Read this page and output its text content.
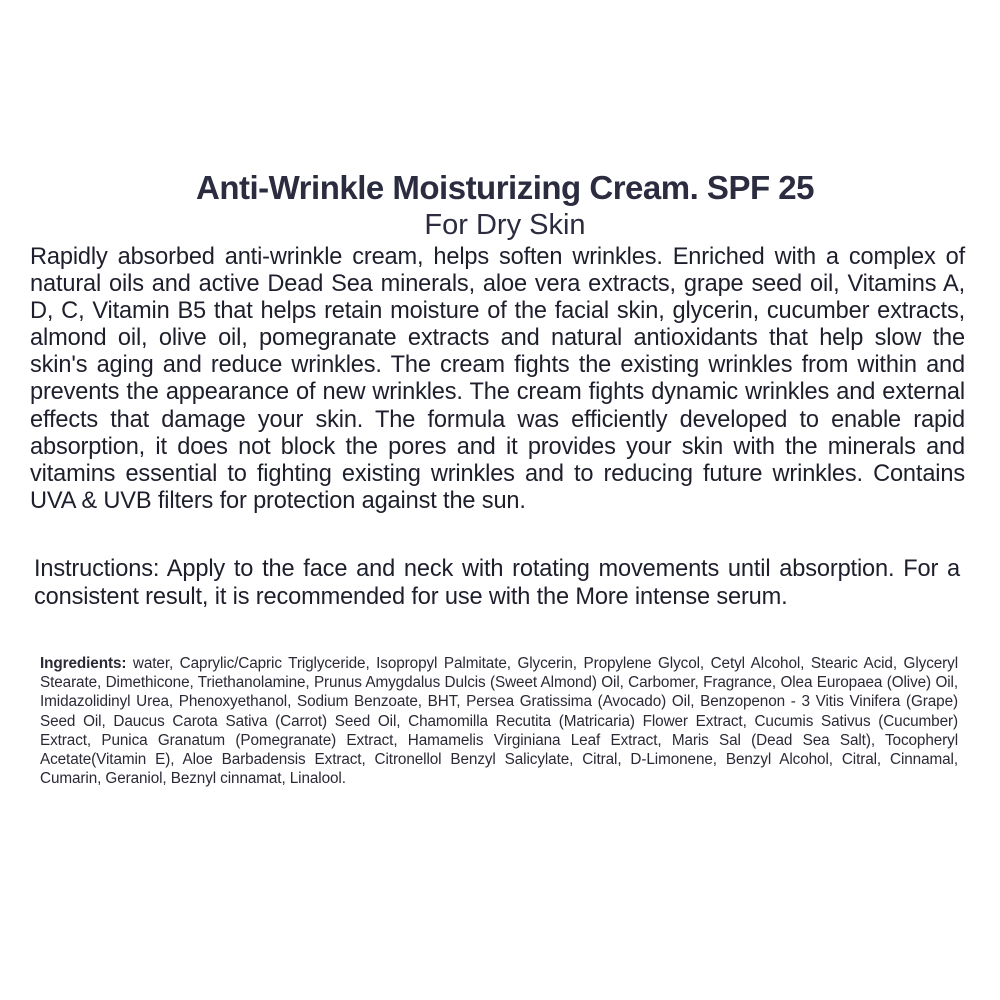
Anti-Wrinkle Moisturizing Cream. SPF 25

For Dry Skin

Rapidly absorbed anti-wrinkle cream, helps soften wrinkles. Enriched with a complex of natural oils and active Dead Sea minerals, aloe vera extracts, grape seed oil, Vitamins A, D, C, Vitamin B5 that helps retain moisture of the facial skin, glycerin, cucumber extracts, almond oil, olive oil, pomegranate extracts and natural antioxidants that help slow the skin's aging and reduce wrinkles. The cream fights the existing wrinkles from within and prevents the appearance of new wrinkles. The cream fights dynamic wrinkles and external effects that damage your skin. The formula was efficiently developed to enable rapid absorption, it does not block the pores and it provides your skin with the minerals and vitamins essential to fighting existing wrinkles and to reducing future wrinkles. Contains UVA & UVB filters for protection against the sun.

Instructions: Apply to the face and neck with rotating movements until absorption. For a consistent result, it is recommended for use with the More intense serum.

Ingredients: water, Caprylic/Capric Triglyceride, Isopropyl Palmitate, Glycerin, Propylene Glycol, Cetyl Alcohol, Stearic Acid, Glyceryl Stearate, Dimethicone, Triethanolamine, Prunus Amygdalus Dulcis (Sweet Almond) Oil, Carbomer, Fragrance, Olea Europaea (Olive) Oil, Imidazolidinyl Urea, Phenoxyethanol, Sodium Benzoate, BHT, Persea Gratissima (Avocado) Oil, Benzopenon - 3 Vitis Vinifera (Grape) Seed Oil, Daucus Carota Sativa (Carrot) Seed Oil, Chamomilla Recutita (Matricaria) Flower Extract, Cucumis Sativus (Cucumber) Extract, Punica Granatum (Pomegranate) Extract, Hamamelis Virginiana Leaf Extract, Maris Sal (Dead Sea Salt), Tocopheryl Acetate(Vitamin E), Aloe Barbadensis Extract, Citronellol Benzyl Salicylate, Citral, D-Limonene, Benzyl Alcohol, Citral, Cinnamal, Cumarin, Geraniol, Beznyl cinnamat, Linalool.
